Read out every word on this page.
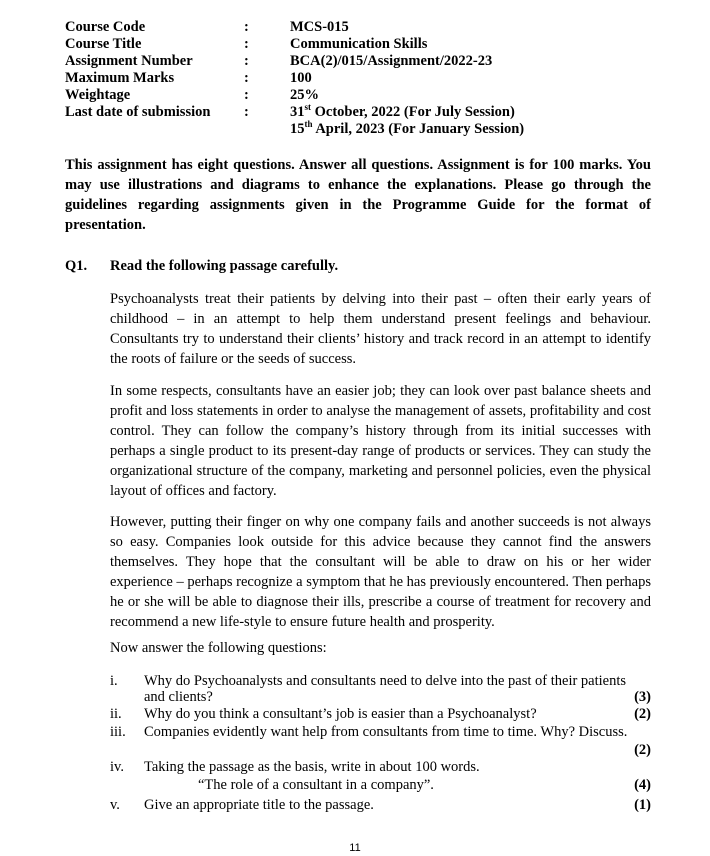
Course Code	:	MCS-015
Course Title	:	Communication Skills
Assignment Number	:	BCA(2)/015/Assignment/2022-23
Maximum Marks	:	100
Weightage	:	25%
Last date of submission	:	31st October, 2022 (For July Session)
15th April, 2023 (For January Session)
This assignment has eight questions. Answer all questions. Assignment is for 100 marks. You may use illustrations and diagrams to enhance the explanations. Please go through the guidelines regarding assignments given in the Programme Guide for the format of presentation.
Q1. Read the following passage carefully.
Psychoanalysts treat their patients by delving into their past – often their early years of childhood – in an attempt to help them understand present feelings and behaviour. Consultants try to understand their clients’ history and track record in an attempt to identify the roots of failure or the seeds of success.
In some respects, consultants have an easier job; they can look over past balance sheets and profit and loss statements in order to analyse the management of assets, profitability and cost control. They can follow the company’s history through from its initial successes with perhaps a single product to its present-day range of products or services. They can study the organizational structure of the company, marketing and personnel policies, even the physical layout of offices and factory.
However, putting their finger on why one company fails and another succeeds is not always so easy. Companies look outside for this advice because they cannot find the answers themselves. They hope that the consultant will be able to draw on his or her wider experience – perhaps recognize a symptom that he has previously encountered. Then perhaps he or she will be able to diagnose their ills, prescribe a course of treatment for recovery and recommend a new life-style to ensure future health and prosperity.
Now answer the following questions:
i. Why do Psychoanalysts and consultants need to delve into the past of their patients
and clients?	(3)
ii. Why do you think a consultant’s job is easier than a Psychoanalyst?	(2)
iii. Companies evidently want help from consultants from time to time. Why? Discuss.
(2)
iv. Taking the passage as the basis, write in about 100 words.
“The role of a consultant in a company”.	(4)
v. Give an appropriate title to the passage.	(1)
11
